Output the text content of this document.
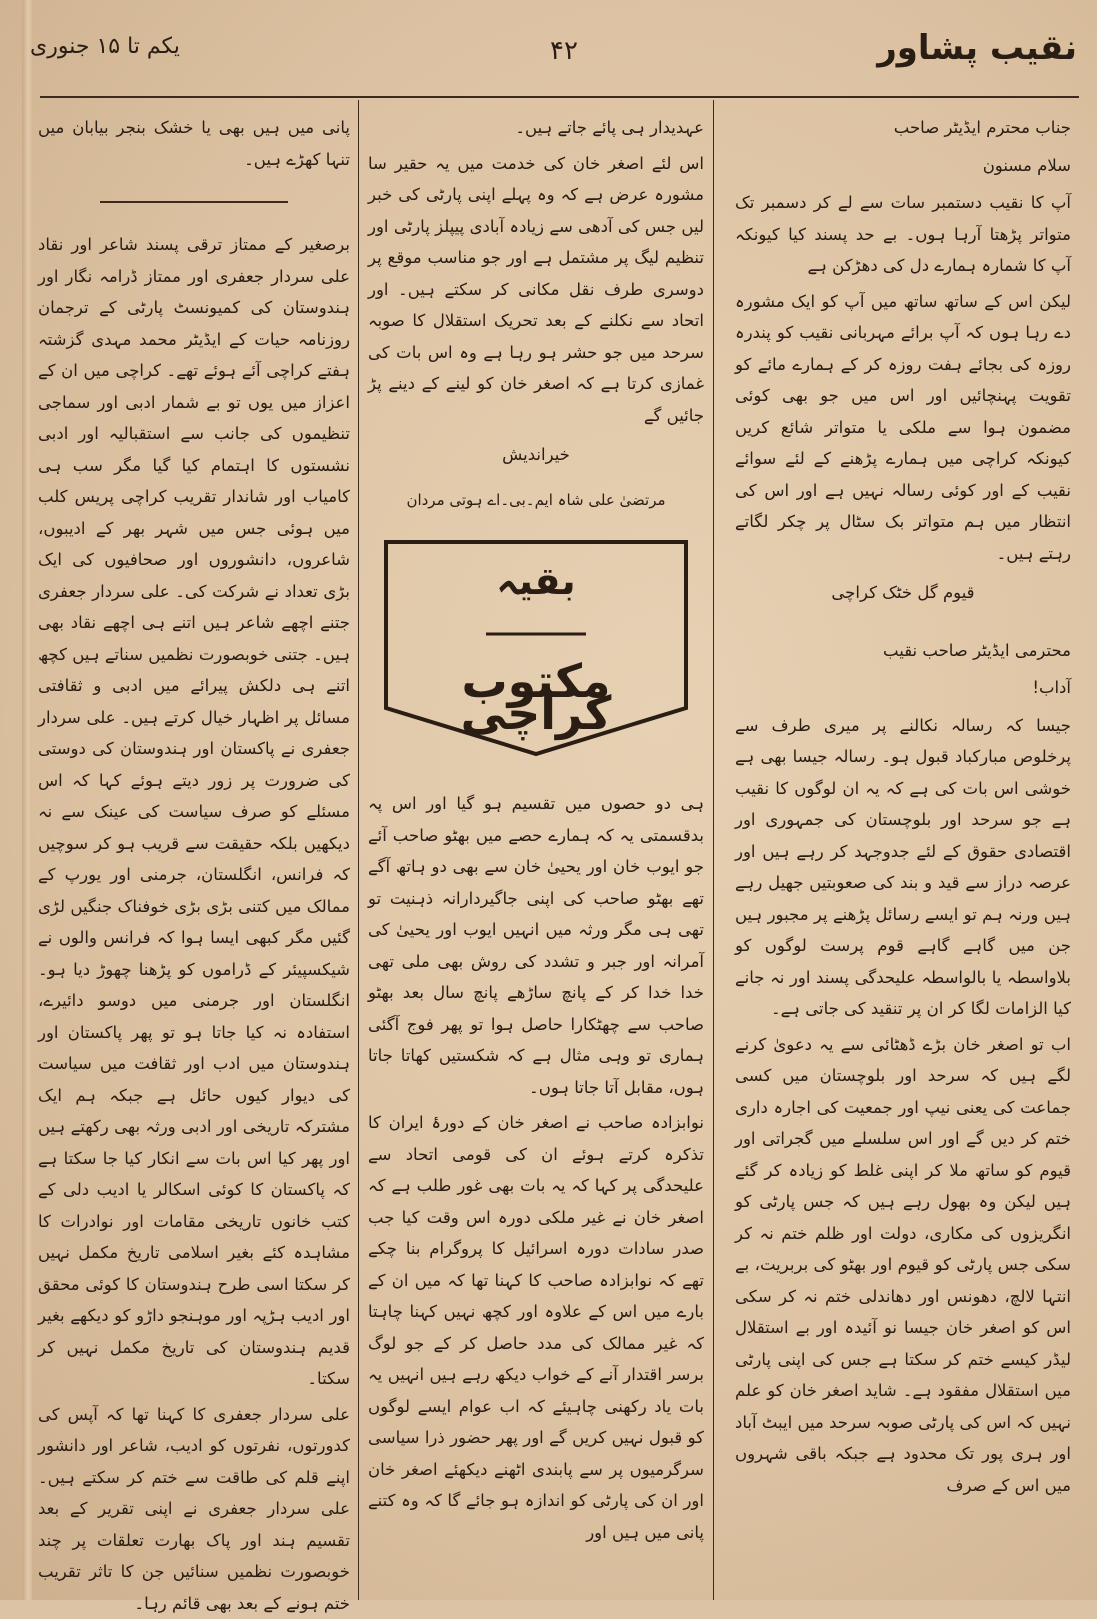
نقیب پشاور
۴۲
یکم تا ۱۵ جنوری

جناب محترم ایڈیٹر صاحب

سلام مسنون

آپ کا نقیب دستمبر سات سے لے کر دسمبر تک متواتر پڑھتا آرہا ہوں۔ بے حد پسند کیا کیونکہ آپ کا شمارہ ہمارے دل کی دھڑکن ہے

لیکن اس کے ساتھ ساتھ میں آپ کو ایک مشورہ دے رہا ہوں کہ آپ برائے مہربانی نقیب کو پندرہ روزہ کی بجائے ہفت روزہ کر کے ہمارے مائے کو تقویت پہنچائیں اور اس میں جو بھی کوئی مضمون ہوا سے ملکی یا متواتر شائع کریں کیونکہ کراچی میں ہمارے پڑھنے کے لئے سوائے نقیب کے اور کوئی رسالہ نہیں ہے اور اس کی انتظار میں ہم متواتر بک سٹال پر چکر لگاتے رہتے ہیں۔

قیوم گل خٹک کراچی

محترمی ایڈیٹر صاحب نقیب

آداب!

جیسا کہ رسالہ نکالنے پر میری طرف سے پرخلوص مبارکباد قبول ہو۔ رسالہ جیسا بھی ہے خوشی اس بات کی ہے کہ یہ ان لوگوں کا نقیب ہے جو سرحد اور بلوچستان کی جمہوری اور اقتصادی حقوق کے لئے جدوجہد کر رہے ہیں اور عرصہ دراز سے قید و بند کی صعوبتیں جھیل رہے ہیں ورنہ ہم تو ایسے رسائل پڑھنے پر مجبور ہیں جن میں گاہے گاہے قوم پرست لوگوں کو بلاواسطہ یا بالواسطہ علیحدگی پسند اور نہ جانے کیا الزامات لگا کر ان پر تنقید کی جاتی ہے۔

اب تو اصغر خان بڑے ڈھٹائی سے یہ دعویٰ کرنے لگے ہیں کہ سرحد اور بلوچستان میں کسی جماعت کی یعنی نیپ اور جمعیت کی اجارہ داری ختم کر دیں گے اور اس سلسلے میں گجراتی اور قیوم کو ساتھ ملا کر اپنی غلط کو زیادہ کر گئے ہیں لیکن وہ بھول رہے ہیں کہ جس پارٹی کو انگریزوں کی مکاری، دولت اور ظلم ختم نہ کر سکی جس پارٹی کو قیوم اور بھٹو کی بربریت، بے انتہا لالچ، دھونس اور دھاندلی ختم نہ کر سکی اس کو اصغر خان جیسا نو آئیدہ اور بے استقلال لیڈر کیسے ختم کر سکتا ہے جس کی اپنی پارٹی میں استقلال مفقود ہے۔ شاید اصغر خان کو علم نہیں کہ اس کی پارٹی صوبہ سرحد میں ایبٹ آباد اور ہری پور تک محدود ہے جبکہ باقی شہروں میں اس کے صرف

عہدیدار ہی پائے جاتے ہیں۔

اس لئے اصغر خان کی خدمت میں یہ حقیر سا مشورہ عرض ہے کہ وہ پہلے اپنی پارٹی کی خبر لیں جس کی آدھی سے زیادہ آبادی پیپلز پارٹی اور تنظیم لیگ پر مشتمل ہے اور جو مناسب موقع پر دوسری طرف نقل مکانی کر سکتے ہیں۔ اور اتحاد سے نکلنے کے بعد تحریک استقلال کا صوبہ سرحد میں جو حشر ہو رہا ہے وہ اس بات کی غمازی کرتا ہے کہ اصغر خان کو لینے کے دینے پڑ جائیں گے

خیراندیش

مرتضیٰ علی شاہ ایم۔بی۔اے ہوتی مردان

بقیہ
مکتوب کراچی

ہی دو حصوں میں تقسیم ہو گیا اور اس پہ بدقسمتی یہ کہ ہمارے حصے میں بھٹو صاحب آئے جو ایوب خان اور یحییٰ خان سے بھی دو ہاتھ آگے تھے بھٹو صاحب کی اپنی جاگیردارانہ ذہنیت تو تھی ہی مگر ورثہ میں انہیں ایوب اور یحییٰ کی آمرانہ اور جبر و تشدد کی روش بھی ملی تھی خدا خدا کر کے پانچ ساڑھے پانچ سال بعد بھٹو صاحب سے چھٹکارا حاصل ہوا تو پھر فوج آگئی ہماری تو وہی مثال ہے کہ شکستیں کھاتا جاتا ہوں، مقابل آتا جاتا ہوں۔

نوابزادہ صاحب نے اصغر خان کے دورۂ ایران کا تذکرہ کرتے ہوئے ان کی قومی اتحاد سے علیحدگی پر کہا کہ یہ بات بھی غور طلب ہے کہ اصغر خان نے غیر ملکی دورہ اس وقت کیا جب صدر سادات دورہ اسرائیل کا پروگرام بنا چکے تھے کہ نوابزادہ صاحب کا کہنا تھا کہ میں ان کے بارے میں اس کے علاوہ اور کچھ نہیں کہنا چاہتا کہ غیر ممالک کی مدد حاصل کر کے جو لوگ برسر اقتدار آنے کے خواب دیکھ رہے ہیں انہیں یہ بات یاد رکھنی چاہیئے کہ اب عوام ایسے لوگوں کو قبول نہیں کریں گے اور پھر حضور ذرا سیاسی سرگرمیوں پر سے پابندی اٹھنے دیکھئے اصغر خان اور ان کی پارٹی کو اندازہ ہو جائے گا کہ وہ کتنے پانی میں ہیں اور

پانی میں ہیں بھی یا خشک بنجر بیابان میں تنہا کھڑے ہیں۔

برصغیر کے ممتاز ترقی پسند شاعر اور نقاد علی سردار جعفری اور ممتاز ڈرامہ نگار اور ہندوستان کی کمیونسٹ پارٹی کے ترجمان روزنامہ حیات کے ایڈیٹر محمد مہدی گزشتہ ہفتے کراچی آئے ہوئے تھے۔ کراچی میں ان کے اعزاز میں یوں تو بے شمار ادبی اور سماجی تنظیموں کی جانب سے استقبالیہ اور ادبی نشستوں کا اہتمام کیا گیا مگر سب ہی کامیاب اور شاندار تقریب کراچی پریس کلب میں ہوئی جس میں شہر بھر کے ادیبوں، شاعروں، دانشوروں اور صحافیوں کی ایک بڑی تعداد نے شرکت کی۔ علی سردار جعفری جتنے اچھے شاعر ہیں اتنے ہی اچھے نقاد بھی ہیں۔ جتنی خوبصورت نظمیں سناتے ہیں کچھ اتنے ہی دلکش پیرائے میں ادبی و ثقافتی مسائل پر اظہار خیال کرتے ہیں۔ علی سردار جعفری نے پاکستان اور ہندوستان کی دوستی کی ضرورت پر زور دیتے ہوئے کہا کہ اس مسئلے کو صرف سیاست کی عینک سے نہ دیکھیں بلکہ حقیقت سے قریب ہو کر سوچیں کہ فرانس، انگلستان، جرمنی اور یورپ کے ممالک میں کتنی بڑی بڑی خوفناک جنگیں لڑی گئیں مگر کبھی ایسا ہوا کہ فرانس والوں نے شیکسپیئر کے ڈراموں کو پڑھنا چھوڑ دیا ہو۔ انگلستان اور جرمنی میں دوسو دائیرے، استفادہ نہ کیا جاتا ہو تو پھر پاکستان اور ہندوستان میں ادب اور ثقافت میں سیاست کی دیوار کیوں حائل ہے جبکہ ہم ایک مشترکہ تاریخی اور ادبی ورثہ بھی رکھتے ہیں اور پھر کیا اس بات سے انکار کیا جا سکتا ہے کہ پاکستان کا کوئی اسکالر یا ادیب دلی کے کتب خانوں تاریخی مقامات اور نوادرات کا مشاہدہ کئے بغیر اسلامی تاریخ مکمل نہیں کر سکتا اسی طرح ہندوستان کا کوئی محقق اور ادیب ہڑپہ اور موہنجو داڑو کو دیکھے بغیر قدیم ہندوستان کی تاریخ مکمل نہیں کر سکتا۔

علی سردار جعفری کا کہنا تھا کہ آپس کی کدورتوں، نفرتوں کو ادیب، شاعر اور دانشور اپنے قلم کی طاقت سے ختم کر سکتے ہیں۔ علی سردار جعفری نے اپنی تقریر کے بعد تقسیم ہند اور پاک بھارت تعلقات پر چند خوبصورت نظمیں سنائیں جن کا تاثر تقریب ختم ہونے کے بعد بھی قائم رہا۔
